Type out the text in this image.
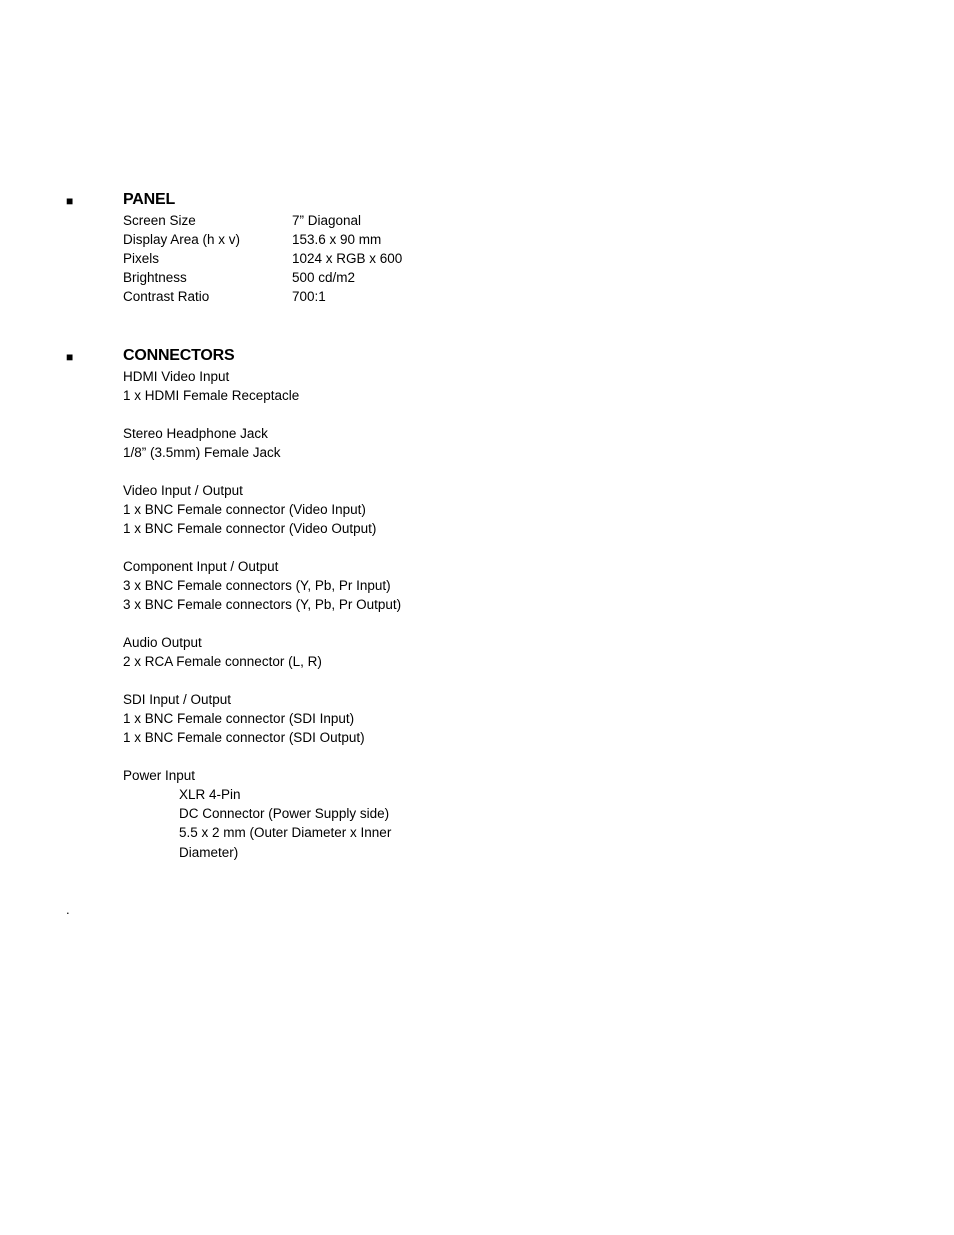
■	PANEL
Screen Size	7” Diagonal
Display Area (h x v)	153.6 x 90 mm
Pixels	1024 x RGB x 600
Brightness	500 cd/m2
Contrast Ratio	700:1
■	CONNECTORS
HDMI Video Input
1 x HDMI Female Receptacle
Stereo Headphone Jack
1/8” (3.5mm) Female Jack
Video Input / Output
1 x BNC Female connector (Video Input)
1 x BNC Female connector (Video Output)
Component Input / Output
3 x BNC Female connectors (Y, Pb, Pr Input)
3 x BNC Female connectors (Y, Pb, Pr Output)
Audio Output
2 x RCA Female connector (L, R)
SDI Input / Output
1 x BNC Female connector (SDI Input)
1 x BNC Female connector (SDI Output)
Power Input
XLR 4-Pin
DC Connector (Power Supply side)
5.5 x 2 mm (Outer Diameter x Inner
Diameter)
.
